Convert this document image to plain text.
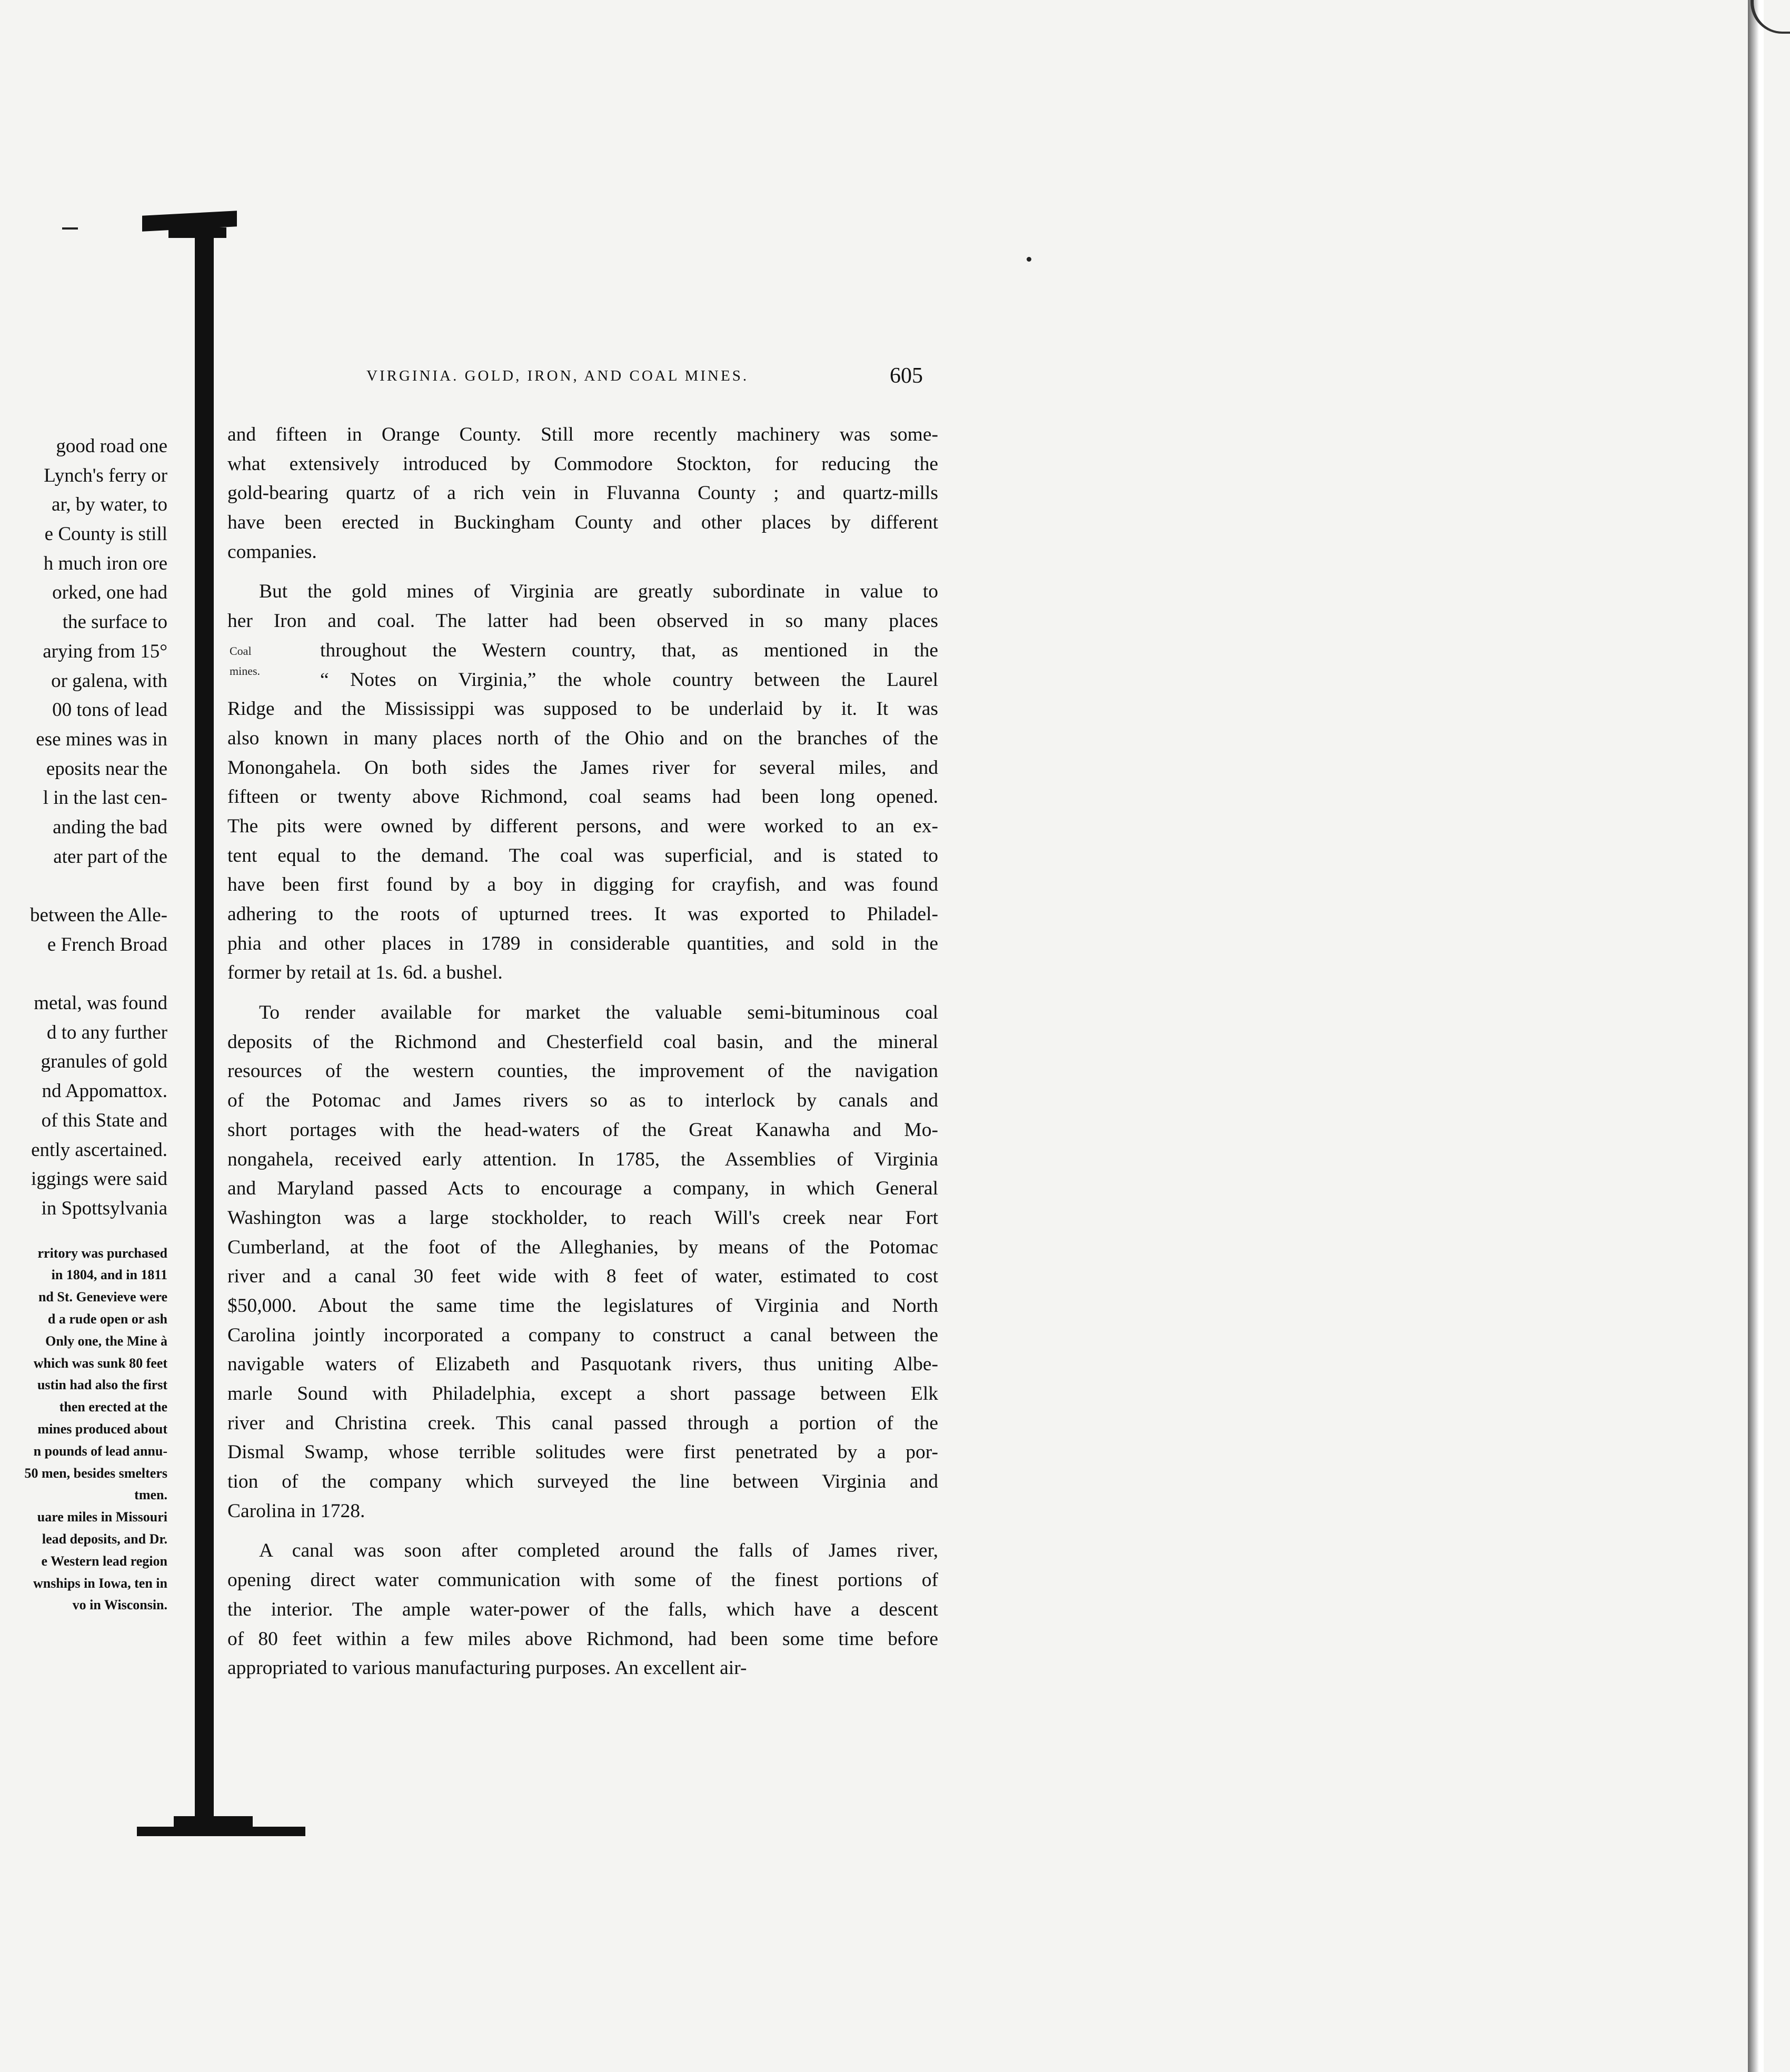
good road one
Lynch's ferry or
ar, by water, to
e County is still
h much iron ore
orked, one had
the surface to
arying from 15°
or galena, with
00 tons of lead
ese mines was in
eposits near the
l in the last cen-
anding the bad
ater part of the
between the Alle-
e French Broad
metal, was found
d to any further
granules of gold
nd Appomattox.
of this State and
ently ascertained.
iggings were said
in Spottsylvania
rritory was purchased
in 1804, and in 1811
nd St. Genevieve were
d a rude open or ash
Only one, the Mine à
which was sunk 80 feet
ustin had also the first
then erected at the
mines produced about
n pounds of lead annu-
50 men, besides smelters
tmen.
uare miles in Missouri
lead deposits, and Dr.
e Western lead region
wnships in Iowa, ten in
vo in Wisconsin.
VIRGINIA. GOLD, IRON, AND COAL MINES.	605
Coal
mines.
and fifteen in Orange County. Still more recently machinery was some-
what extensively introduced by Commodore Stockton, for reducing the
gold-bearing quartz of a rich vein in Fluvanna County ; and quartz-mills
have been erected in Buckingham County and other places by different
companies.
But the gold mines of Virginia are greatly subordinate in value to
her Iron and coal. The latter had been observed in so many places
throughout the Western country, that, as mentioned in the
“ Notes on Virginia,” the whole country between the Laurel
Ridge and the Mississippi was supposed to be underlaid by it. It was
also known in many places north of the Ohio and on the branches of the
Monongahela. On both sides the James river for several miles, and
fifteen or twenty above Richmond, coal seams had been long opened.
The pits were owned by different persons, and were worked to an ex-
tent equal to the demand. The coal was superficial, and is stated to
have been first found by a boy in digging for crayfish, and was found
adhering to the roots of upturned trees. It was exported to Philadel-
phia and other places in 1789 in considerable quantities, and sold in the
former by retail at 1s. 6d. a bushel.
To render available for market the valuable semi-bituminous coal
deposits of the Richmond and Chesterfield coal basin, and the mineral
resources of the western counties, the improvement of the navigation
of the Potomac and James rivers so as to interlock by canals and
short portages with the head-waters of the Great Kanawha and Mo-
nongahela, received early attention. In 1785, the Assemblies of Virginia
and Maryland passed Acts to encourage a company, in which General
Washington was a large stockholder, to reach Will's creek near Fort
Cumberland, at the foot of the Alleghanies, by means of the Potomac
river and a canal 30 feet wide with 8 feet of water, estimated to cost
$50,000. About the same time the legislatures of Virginia and North
Carolina jointly incorporated a company to construct a canal between the
navigable waters of Elizabeth and Pasquotank rivers, thus uniting Albe-
marle Sound with Philadelphia, except a short passage between Elk
river and Christina creek. This canal passed through a portion of the
Dismal Swamp, whose terrible solitudes were first penetrated by a por-
tion of the company which surveyed the line between Virginia and
Carolina in 1728.
A canal was soon after completed around the falls of James river,
opening direct water communication with some of the finest portions of
the interior. The ample water-power of the falls, which have a descent
of 80 feet within a few miles above Richmond, had been some time before
appropriated to various manufacturing purposes. An excellent air-
